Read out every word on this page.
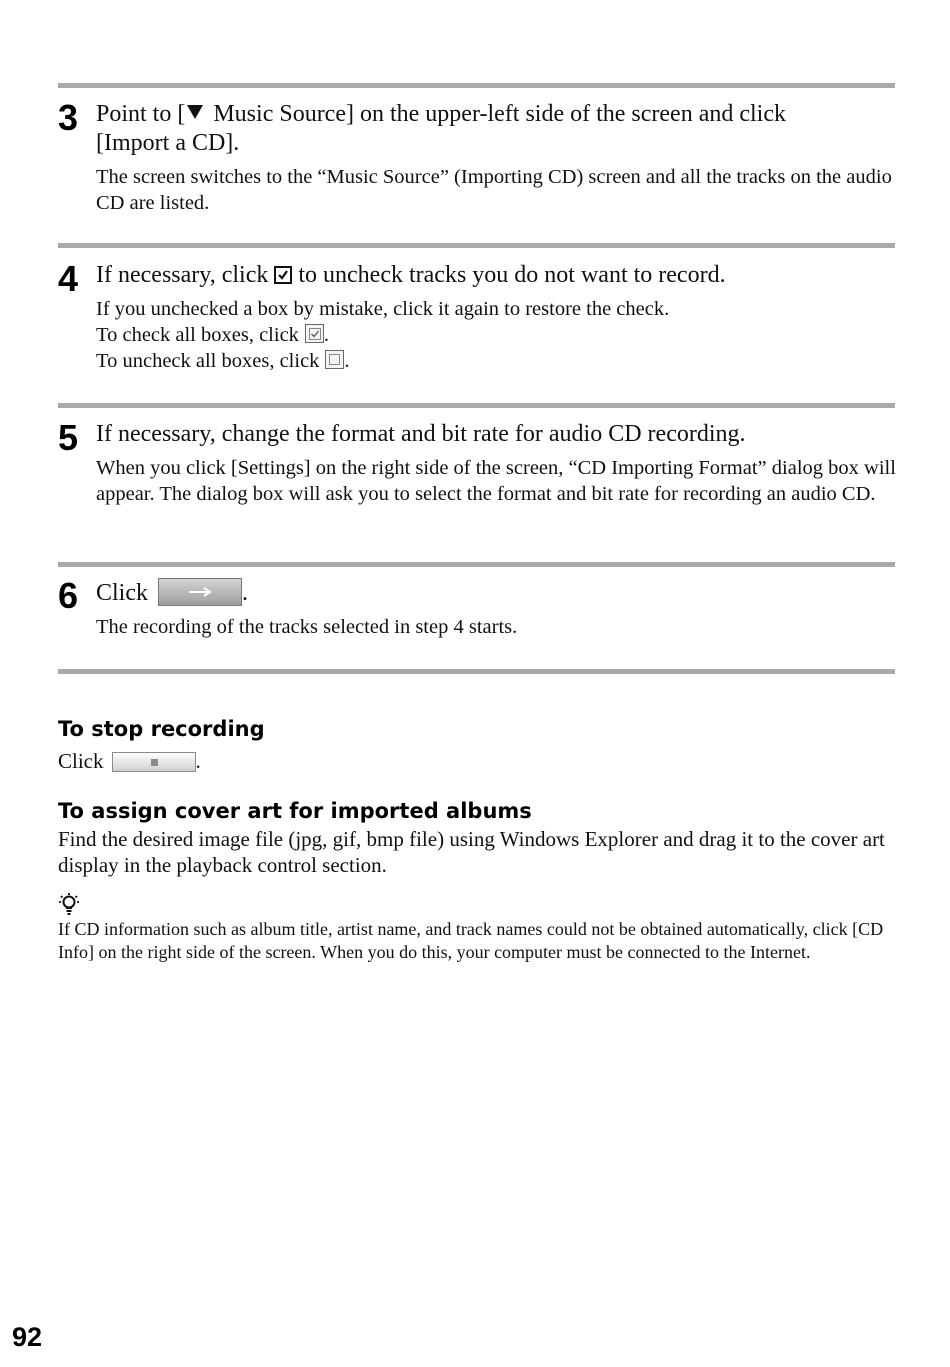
3 Point to [ Music Source] on the upper-left side of the screen and click [Import a CD].

The screen switches to the “Music Source” (Importing CD) screen and all the tracks on the audio CD are listed.

4 If necessary, click to uncheck tracks you do not want to record.

If you unchecked a box by mistake, click it again to restore the check.
To check all boxes, click .
To uncheck all boxes, click .

5 If necessary, change the format and bit rate for audio CD recording.

When you click [Settings] on the right side of the screen, “CD Importing Format” dialog box will appear. The dialog box will ask you to select the format and bit rate for recording an audio CD.

6 Click	.

The recording of the tracks selected in step 4 starts.

To stop recording

Click	.

To assign cover art for imported albums

Find the desired image file (jpg, gif, bmp file) using Windows Explorer and drag it to the cover art display in the playback control section.

If CD information such as album title, artist name, and track names could not be obtained automatically, click [CD Info] on the right side of the screen. When you do this, your computer must be connected to the Internet.

92
